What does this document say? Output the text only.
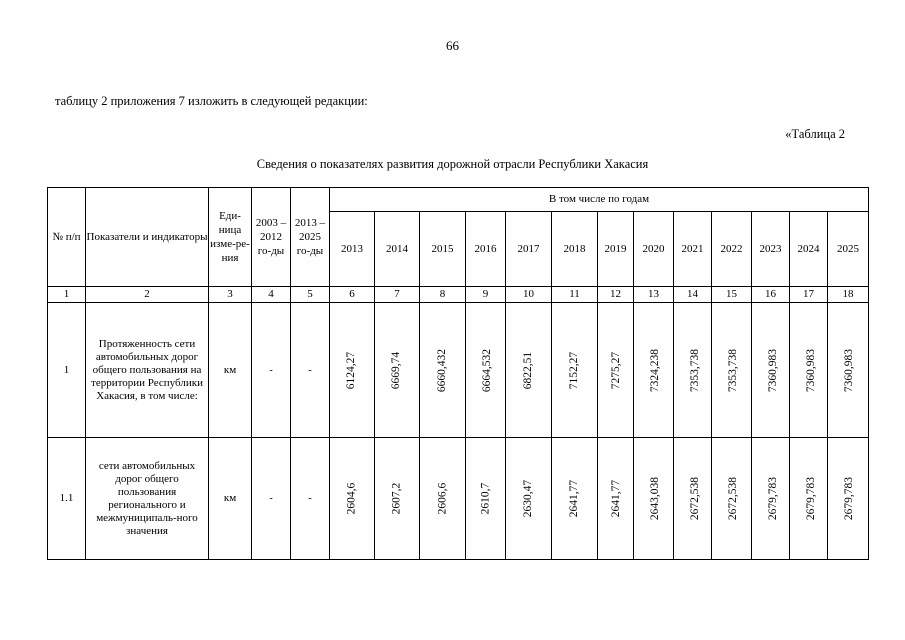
66
таблицу 2 приложения 7 изложить в следующей редакции:
«Таблица 2
Сведения о показателях развития дорожной отрасли Республики Хакасия
№ п/п	Показатели и индикаторы	Еди-ница изме-ре-ния	2003 – 2012 го-ды	2013 – 2025 го-ды	В том числе по годам												
					2013	2014	2015	2016	2017	2018	2019	2020	2021	2022	2023	2024	2025
1	2	3	4	5	6	7	8	9	10	11	12	13	14	15	16	17	18
1	Протяженность сети автомобильных дорог общего пользования на территории Республики Хакасия, в том числе:	км	-	-	6124,27	6669,74	6660,432	6664,532	6822,51	7152,27	7275,27	7324,238	7353,738	7353,738	7360,983	7360,983	7360,983
1.1	сети автомобильных дорог общего пользования регионального и межмуниципаль-ного значения	км	-	-	2604,6	2607,2	2606,6	2610,7	2630,47	2641,77	2641,77	2643,038	2672,538	2672,538	2679,783	2679,783	2679,783
